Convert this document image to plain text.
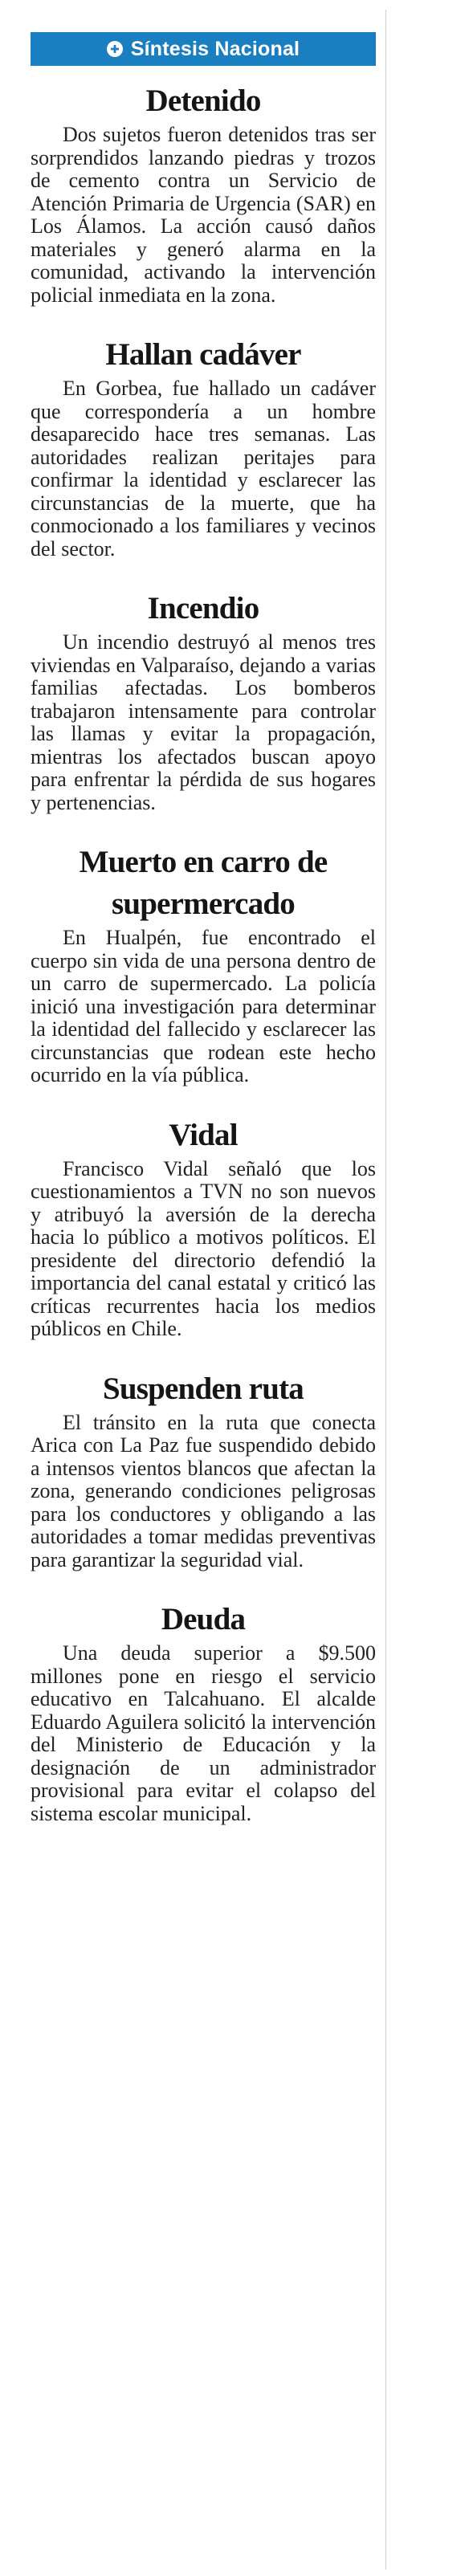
Síntesis Nacional
Detenido

Dos sujetos fueron detenidos tras ser sorprendidos lanzando piedras y trozos de cemento contra un Servicio de Atención Primaria de Urgencia (SAR) en Los Álamos. La acción causó daños materiales y generó alarma en la comunidad, activando la intervención policial inmediata en la zona.

Hallan cadáver

En Gorbea, fue hallado un cadáver que correspondería a un hombre desaparecido hace tres semanas. Las autoridades realizan peritajes para confirmar la identidad y esclarecer las circunstancias de la muerte, que ha conmocionado a los familiares y vecinos del sector.

Incendio

Un incendio destruyó al menos tres viviendas en Valparaíso, dejando a varias familias afectadas. Los bomberos trabajaron intensamente para controlar las llamas y evitar la propagación, mientras los afectados buscan apoyo para enfrentar la pérdida de sus hogares y pertenencias.

Muerto en carro de supermercado

En Hualpén, fue encontrado el cuerpo sin vida de una persona dentro de un carro de supermercado. La policía inició una investigación para determinar la identidad del fallecido y esclarecer las circunstancias que rodean este hecho ocurrido en la vía pública.

Vidal

Francisco Vidal señaló que los cuestionamientos a TVN no son nuevos y atribuyó la aversión de la derecha hacia lo público a motivos políticos. El presidente del directorio defendió la importancia del canal estatal y criticó las críticas recurrentes hacia los medios públicos en Chile.

Suspenden ruta

El tránsito en la ruta que conecta Arica con La Paz fue suspendido debido a intensos vientos blancos que afectan la zona, generando condiciones peligrosas para los conductores y obligando a las autoridades a tomar medidas preventivas para garantizar la seguridad vial.

Deuda

Una deuda superior a $9.500 millones pone en riesgo el servicio educativo en Talcahuano. El alcalde Eduardo Aguilera solicitó la intervención del Ministerio de Educación y la designación de un administrador provisional para evitar el colapso del sistema escolar municipal.
